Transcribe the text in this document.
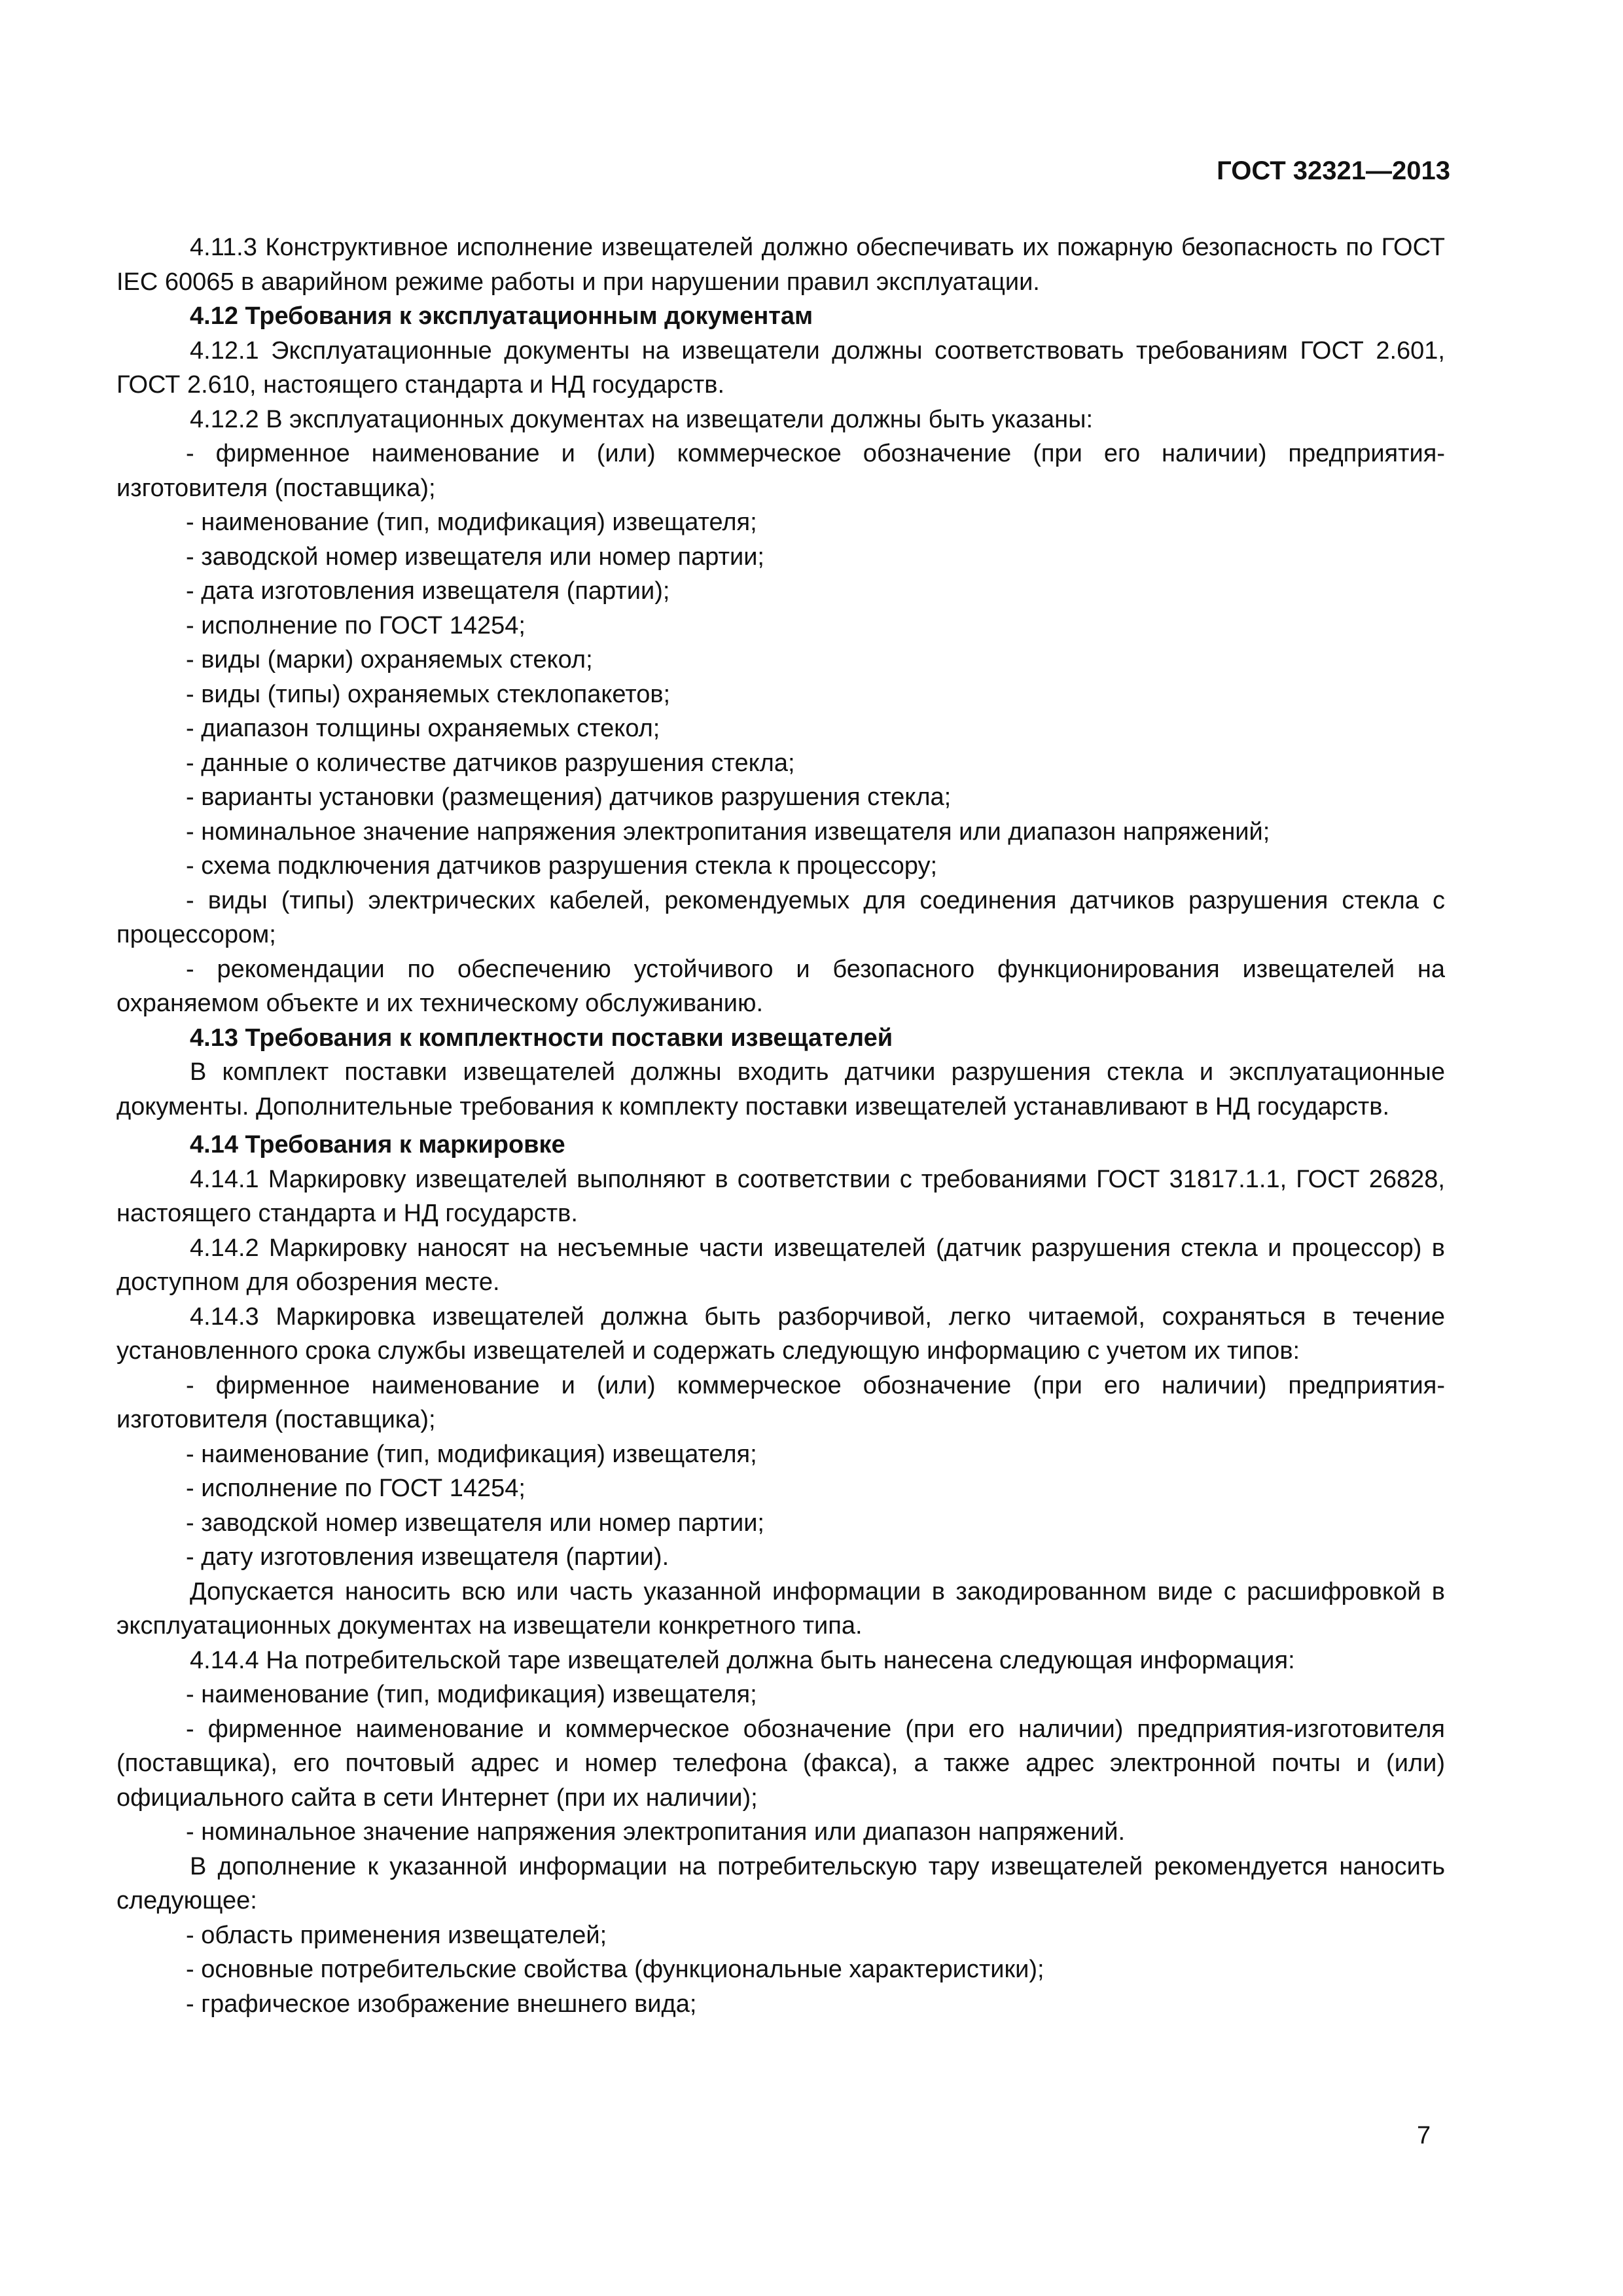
ГОСТ 32321—2013

4.11.3 Конструктивное исполнение извещателей должно обеспечивать их пожарную безопасность по ГОСТ IEC 60065 в аварийном режиме работы и при нарушении правил эксплуатации.

4.12 Требования к эксплуатационным документам

4.12.1 Эксплуатационные документы на извещатели должны соответствовать требованиям ГОСТ 2.601, ГОСТ 2.610, настоящего стандарта и НД государств.

4.12.2 В эксплуатационных документах на извещатели должны быть указаны:

- фирменное наименование и (или) коммерческое обозначение (при его наличии) предприятия-изготовителя (поставщика);

- наименование (тип, модификация) извещателя;

- заводской номер извещателя или номер партии;

- дата изготовления извещателя (партии);

- исполнение по ГОСТ 14254;

- виды (марки) охраняемых стекол;

- виды (типы) охраняемых стеклопакетов;

- диапазон толщины охраняемых стекол;

- данные о количестве датчиков разрушения стекла;

- варианты установки (размещения) датчиков разрушения стекла;

- номинальное значение напряжения электропитания извещателя или диапазон напряжений;

- схема подключения датчиков разрушения стекла к процессору;

- виды (типы) электрических кабелей, рекомендуемых для соединения датчиков разрушения стекла с процессором;

- рекомендации по обеспечению устойчивого и безопасного функционирования извещателей на охраняемом объекте и их техническому обслуживанию.

4.13 Требования к комплектности поставки извещателей

В комплект поставки извещателей должны входить датчики разрушения стекла и эксплуатационные документы. Дополнительные требования к комплекту поставки извещателей устанавливают в НД государств.

4.14 Требования к маркировке

4.14.1 Маркировку извещателей выполняют в соответствии с требованиями ГОСТ 31817.1.1, ГОСТ 26828, настоящего стандарта и НД государств.

4.14.2 Маркировку наносят на несъемные части извещателей (датчик разрушения стекла и процессор) в доступном для обозрения месте.

4.14.3 Маркировка извещателей должна быть разборчивой, легко читаемой, сохраняться в течение установленного срока службы извещателей и содержать следующую информацию с учетом их типов:

- фирменное наименование и (или) коммерческое обозначение (при его наличии) предприятия-изготовителя (поставщика);

- наименование (тип, модификация) извещателя;

- исполнение по ГОСТ 14254;

- заводской номер извещателя или номер партии;

- дату изготовления извещателя (партии).

Допускается наносить всю или часть указанной информации в закодированном виде с расшифровкой в эксплуатационных документах на извещатели конкретного типа.

4.14.4 На потребительской таре извещателей должна быть нанесена следующая информация:

- наименование (тип, модификация) извещателя;

- фирменное наименование и коммерческое обозначение (при его наличии) предприятия-изготовителя (поставщика), его почтовый адрес и номер телефона (факса), а также адрес электронной почты и (или) официального сайта в сети Интернет (при их наличии);

- номинальное значение напряжения электропитания или диапазон напряжений.

В дополнение к указанной информации на потребительскую тару извещателей рекомендуется наносить следующее:

- область применения извещателей;

- основные потребительские свойства (функциональные характеристики);

- графическое изображение внешнего вида;

7
